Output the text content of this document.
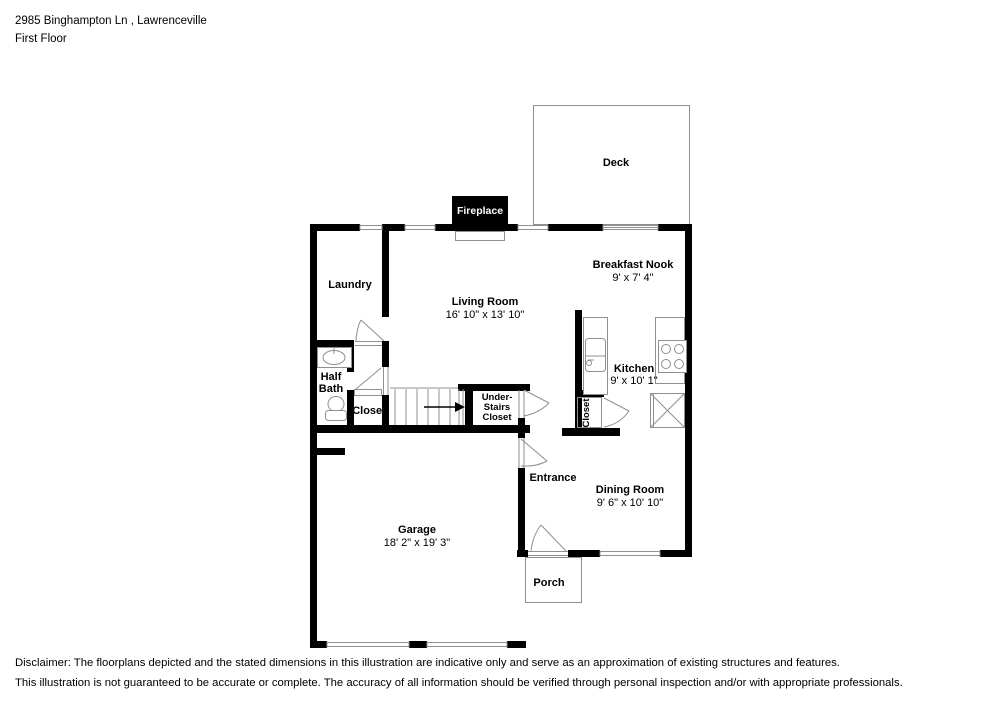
2985 Binghampton Ln , Lawrenceville
First Floor
Deck
Porch
Fireplace
Breakfast Nook
9' x 7' 4"
Laundry
Living Room
16' 10" x 13' 10"
Kitchen
9' x 10' 1"
Half
Bath
Closet
Under-
Stairs
Closet	Closet
Entrance
Dining Room
9' 6" x 10' 10"
Garage
18' 2" x 19' 3"
Disclaimer: The floorplans depicted and the stated dimensions in this illustration are indicative only and serve as an approximation of existing structures and features.
This illustration is not guaranteed to be accurate or complete. The accuracy of all information should be verified through personal inspection and/or with appropriate professionals.
